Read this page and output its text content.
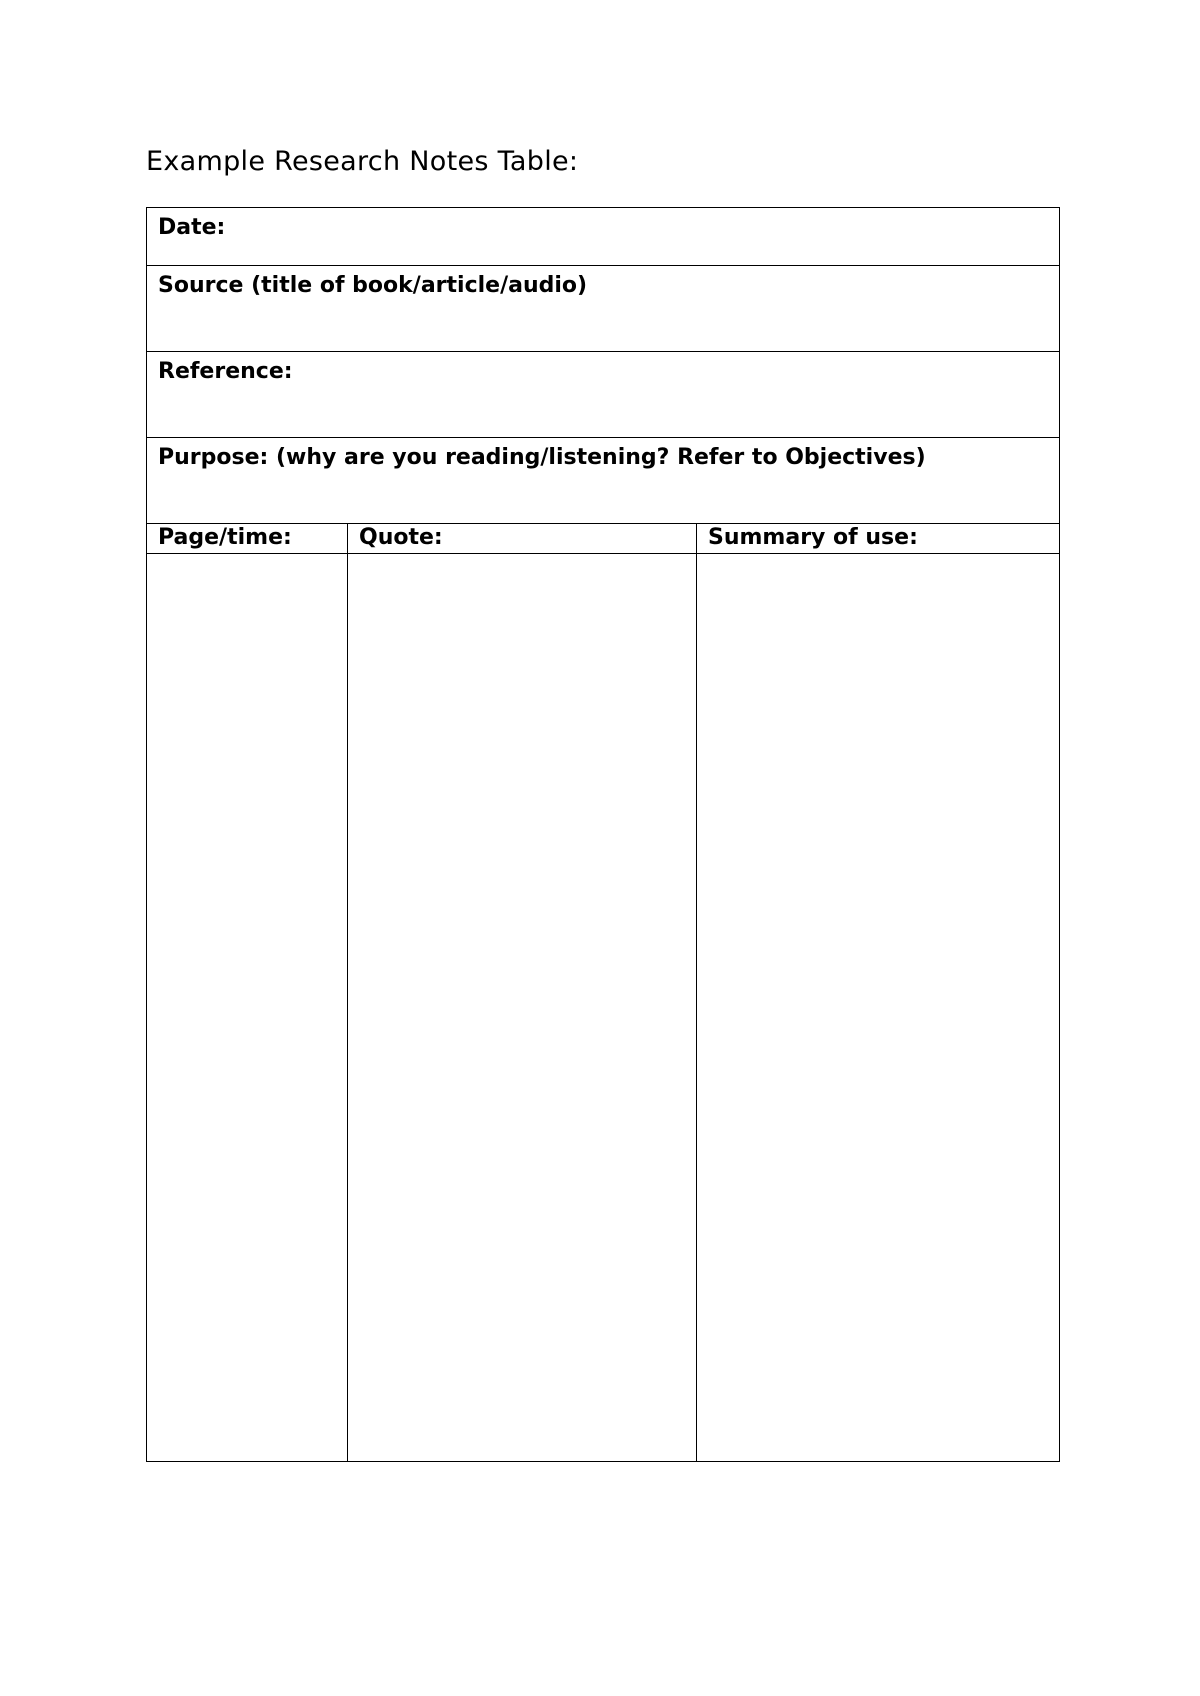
Example Research Notes Table:
Date:		

Source (title of book/article/audio)		

Reference:		

Purpose: (why are you reading/listening? Refer to Objectives)		

Page/time:	Quote:	Summary of use:
